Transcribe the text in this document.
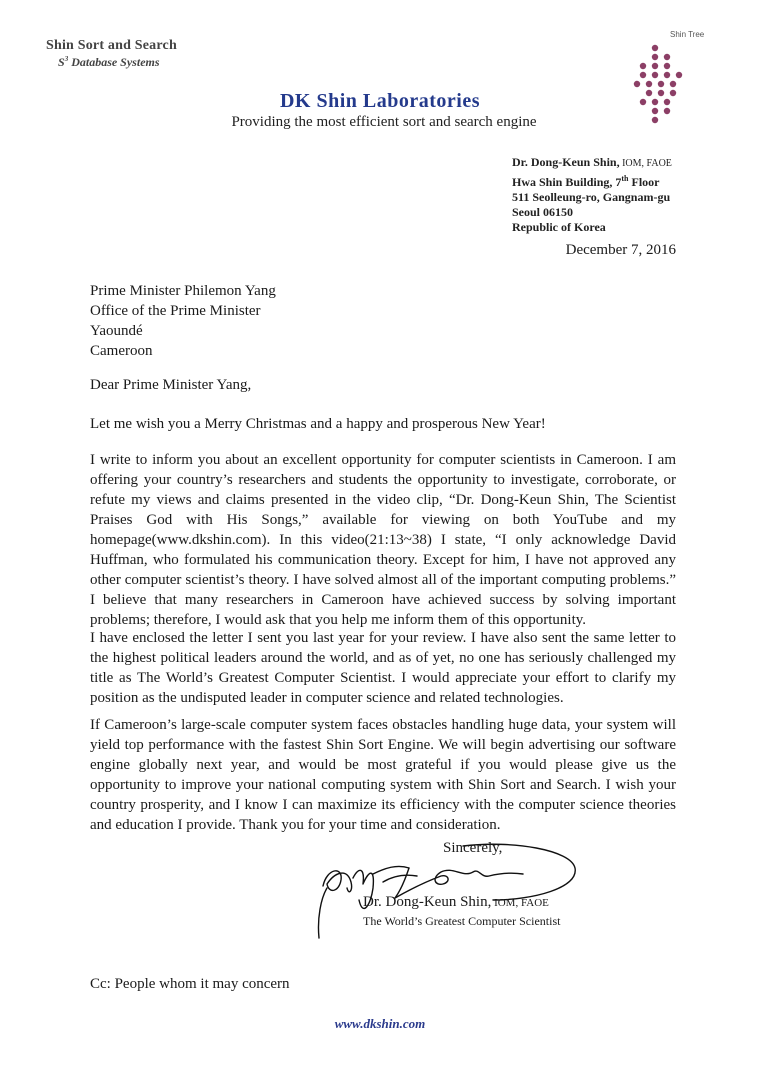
Shin Sort and Search
$S^3$ Database Systems
DK Shin Laboratories
Providing the most efficient sort and search engine
Shin Tree
Dr. Dong-Keun Shin, IOM, FAOE
Hwa Shin Building, 7th Floor
511 Seolleung-ro, Gangnam-gu
Seoul 06150
Republic of Korea
December 7, 2016
Prime Minister Philemon Yang
Office of the Prime Minister
Yaoundé
Cameroon
Dear Prime Minister Yang,
Let me wish you a Merry Christmas and a happy and prosperous New Year!
I write to inform you about an excellent opportunity for computer scientists in Cameroon. I am offering your country’s researchers and students the opportunity to investigate, corroborate, or refute my views and claims presented in the video clip, “Dr. Dong-Keun Shin, The Scientist Praises God with His Songs,” available for viewing on both YouTube and my homepage(www.dkshin.com). In this video(21:13~38) I state, “I only acknowledge David Huffman, who formulated his communication theory. Except for him, I have not approved any other computer scientist’s theory. I have solved almost all of the important computing problems.” I believe that many researchers in Cameroon have achieved success by solving important problems; therefore, I would ask that you help me inform them of this opportunity.
I have enclosed the letter I sent you last year for your review. I have also sent the same letter to the highest political leaders around the world, and as of yet, no one has seriously challenged my title as The World’s Greatest Computer Scientist. I would appreciate your effort to clarify my position as the undisputed leader in computer science and related technologies.
If Cameroon’s large-scale computer system faces obstacles handling huge data, your system will yield top performance with the fastest Shin Sort Engine. We will begin advertising our software engine globally next year, and would be most grateful if you would please give us the opportunity to improve your national computing system with Shin Sort and Search. I wish your country prosperity, and I know I can maximize its efficiency with the computer science theories and education I provide. Thank you for your time and consideration.
Sincerely,
Dr. Dong-Keun Shin, IOM, FAOE
The World’s Greatest Computer Scientist
Cc: People whom it may concern
www.dkshin.com
